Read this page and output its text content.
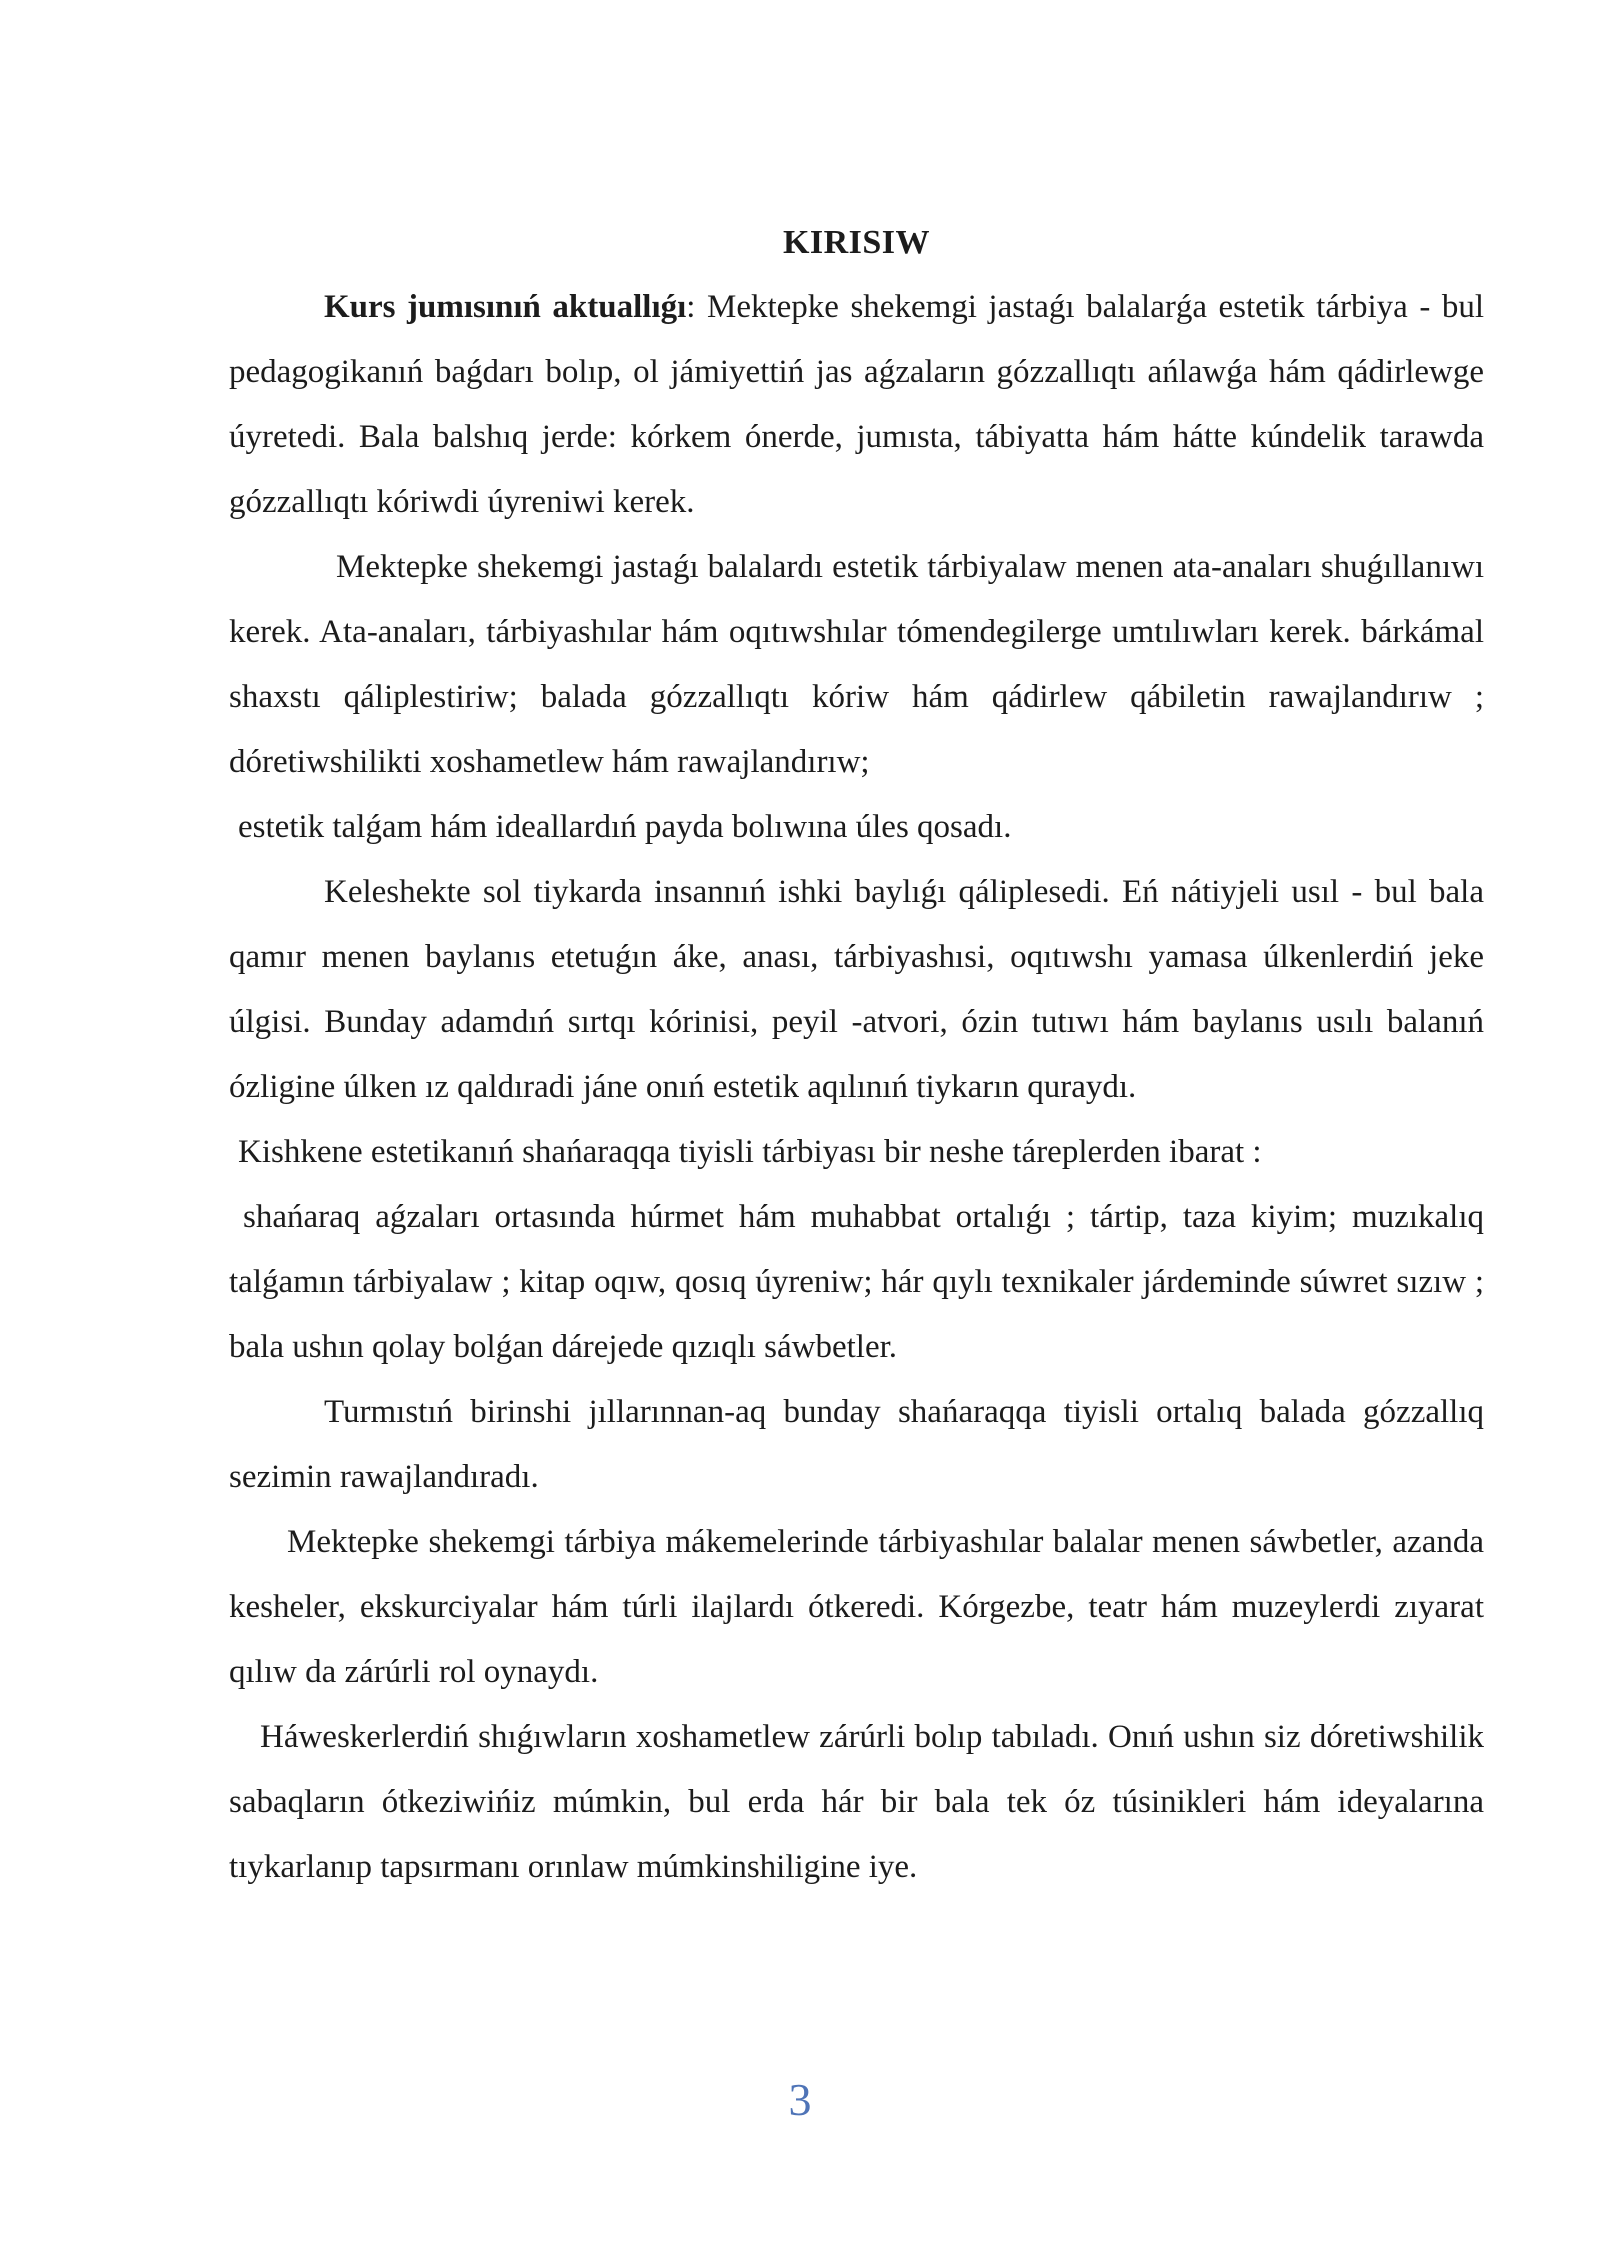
KIRISIW

Kurs jumısınıń aktuallıǵı: Mektepke shekemgi jastaǵı balalarǵa estetik tárbiya - bul pedagogikanıń baǵdarı bolıp, ol jámiyettiń jas aǵzaların gózzallıqtı ańlawǵa hám qádirlewge úyretedi. Bala balshıq jerde: kórkem ónerde, jumısta, tábiyatta hám hátte kúndelik tarawda gózzallıqtı kóriwdi úyreniwi kerek.

Mektepke shekemgi jastaǵı balalardı estetik tárbiyalaw menen ata-anaları shuǵıllanıwı kerek. Ata-anaları, tárbiyashılar hám oqıtıwshılar tómendegilerge umtılıwları kerek. bárkámal shaxstı qáliplestiriw; balada gózzallıqtı kóriw hám qádirlew qábiletin rawajlandırıw ; dóretiwshilikti xoshametlew hám rawajlandırıw;

estetik talǵam hám ideallardıń payda bolıwına úles qosadı.

Keleshekte sol tiykarda insannıń ishki baylıǵı qáliplesedi. Eń nátiyjeli usıl - bul bala qamır menen baylanıs etetuǵın áke, anası, tárbiyashısi, oqıtıwshı yamasa úlkenlerdiń jeke úlgisi. Bunday adamdıń sırtqı kórinisi, peyil -atvori, ózin tutıwı hám baylanıs usılı balanıń ózligine úlken ız qaldıradi jáne onıń estetik aqılınıń tiykarın quraydı.

Kishkene estetikanıń shańaraqqa tiyisli tárbiyası bir neshe táreplerden ibarat :

shańaraq aǵzaları ortasında húrmet hám muhabbat ortalıǵı ; tártip, taza kiyim; muzıkalıq talǵamın tárbiyalaw ; kitap oqıw, qosıq úyreniw; hár qıylı texnikaler járdeminde súwret sızıw ; bala ushın qolay bolǵan dárejede qızıqlı sáwbetler.

Turmıstıń birinshi jıllarınnan-aq bunday shańaraqqa tiyisli ortalıq balada gózzallıq sezimin rawajlandıradı.

Mektepke shekemgi tárbiya mákemelerinde tárbiyashılar balalar menen sáwbetler, azanda kesheler, ekskurciyalar hám túrli ilajlardı ótkeredi. Kórgezbe, teatr hám muzeylerdi zıyarat qılıw da zárúrli rol oynaydı.

Háweskerlerdiń shıǵıwların xoshametlew zárúrli bolıp tabıladı. Onıń ushın siz dóretiwshilik sabaqların ótkeziwińiz múmkin, bul erda hár bir bala tek óz túsinikleri hám ideyalarına tıykarlanıp tapsırmanı orınlaw múmkinshiligine iye.

3
